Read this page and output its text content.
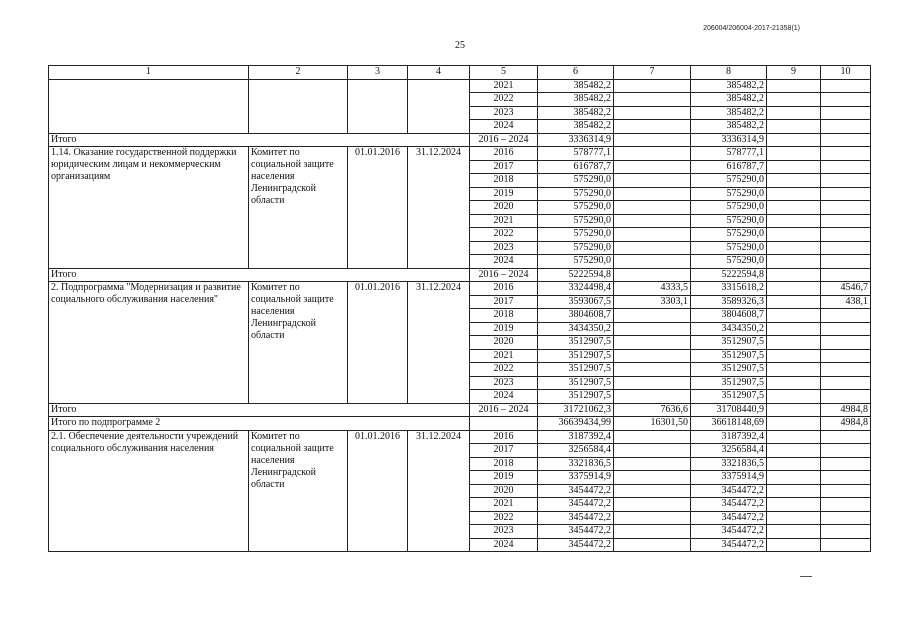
206004/206004-2017-21358(1)
25
1	2	3	4	5	6	7	8	9	10
				2021	385482,2		385482,2		
				2022	385482,2		385482,2		
				2023	385482,2		385482,2		
				2024	385482,2		385482,2		
Итого				2016 – 2024	3336314,9		3336314,9		
1.14. Оказание государственной поддержки юридическим лицам и некоммерческим организациям	Комитет по социальной защите населения Ленинградской области	01.01.2016	31.12.2024	2016	578777,1		578777,1		
				2017	616787,7		616787,7		
				2018	575290,0		575290,0		
				2019	575290,0		575290,0		
				2020	575290,0		575290,0		
				2021	575290,0		575290,0		
				2022	575290,0		575290,0		
				2023	575290,0		575290,0		
				2024	575290,0		575290,0		
Итого				2016 – 2024	5222594,8		5222594,8		
2. Подпрограмма "Модернизация и развитие социального обслуживания населения"	Комитет по социальной защите населения Ленинградской области	01.01.2016	31.12.2024	2016	3324498,4	4333,5	3315618,2		4546,7
				2017	3593067,5	3303,1	3589326,3		438,1
				2018	3804608,7		3804608,7		
				2019	3434350,2		3434350,2		
				2020	3512907,5		3512907,5		
				2021	3512907,5		3512907,5		
				2022	3512907,5		3512907,5		
				2023	3512907,5		3512907,5		
				2024	3512907,5		3512907,5		
Итого				2016 – 2024	31721062,3	7636,6	31708440,9		4984,8
Итого по подпрограмме 2					36639434,99	16301,50	36618148,69		4984,8
2.1. Обеспечение деятельности учреждений социального обслуживания населения	Комитет по социальной защите населения Ленинградской области	01.01.2016	31.12.2024	2016	3187392,4		3187392,4		
				2017	3256584,4		3256584,4		
				2018	3321836,5		3321836,5		
				2019	3375914,9		3375914,9		
				2020	3454472,2		3454472,2		
				2021	3454472,2		3454472,2		
				2022	3454472,2		3454472,2		
				2023	3454472,2		3454472,2		
				2024	3454472,2		3454472,2		
